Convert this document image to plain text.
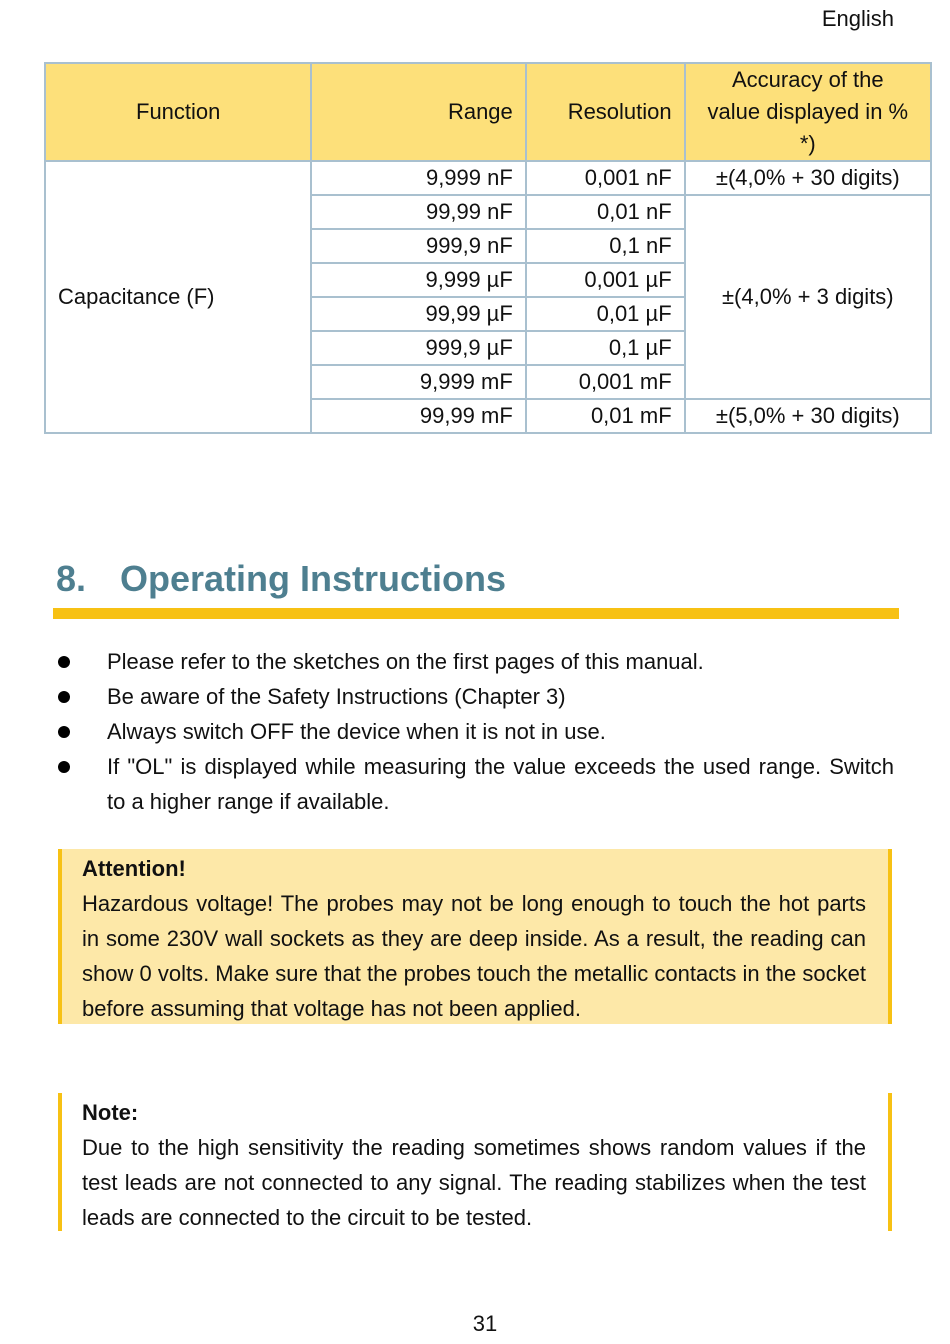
English
Function	Range	Resolution	Accuracy of the
value displayed in %
*)
Capacitance (F)	9,999 nF	0,001 nF	±(4,0% + 30 digits)
	99,99 nF	0,01 nF	±(4,0% + 3 digits)
	999,9 nF	0,1 nF	
	9,999 µF	0,001 µF	
	99,99 µF	0,01 µF	
	999,9 µF	0,1 µF	
	9,999 mF	0,001 mF	
	99,99 mF	0,01 mF	±(5,0% + 30 digits)
8. Operating Instructions
Please refer to the sketches on the first pages of this manual.
Be aware of the Safety Instructions (Chapter 3)
Always switch OFF the device when it is not in use.
If "OL" is displayed while measuring the value exceeds the used range. Switch to a higher range if available.
Attention!
Hazardous voltage! The probes may not be long enough to touch the hot parts in some 230V wall sockets as they are deep inside. As a result, the reading can show 0 volts. Make sure that the probes touch the metallic contacts in the socket before assuming that voltage has not been applied.
Note:
Due to the high sensitivity the reading sometimes shows random values if the test leads are not connected to any signal. The reading stabilizes when the test leads are connected to the circuit to be tested.
31
